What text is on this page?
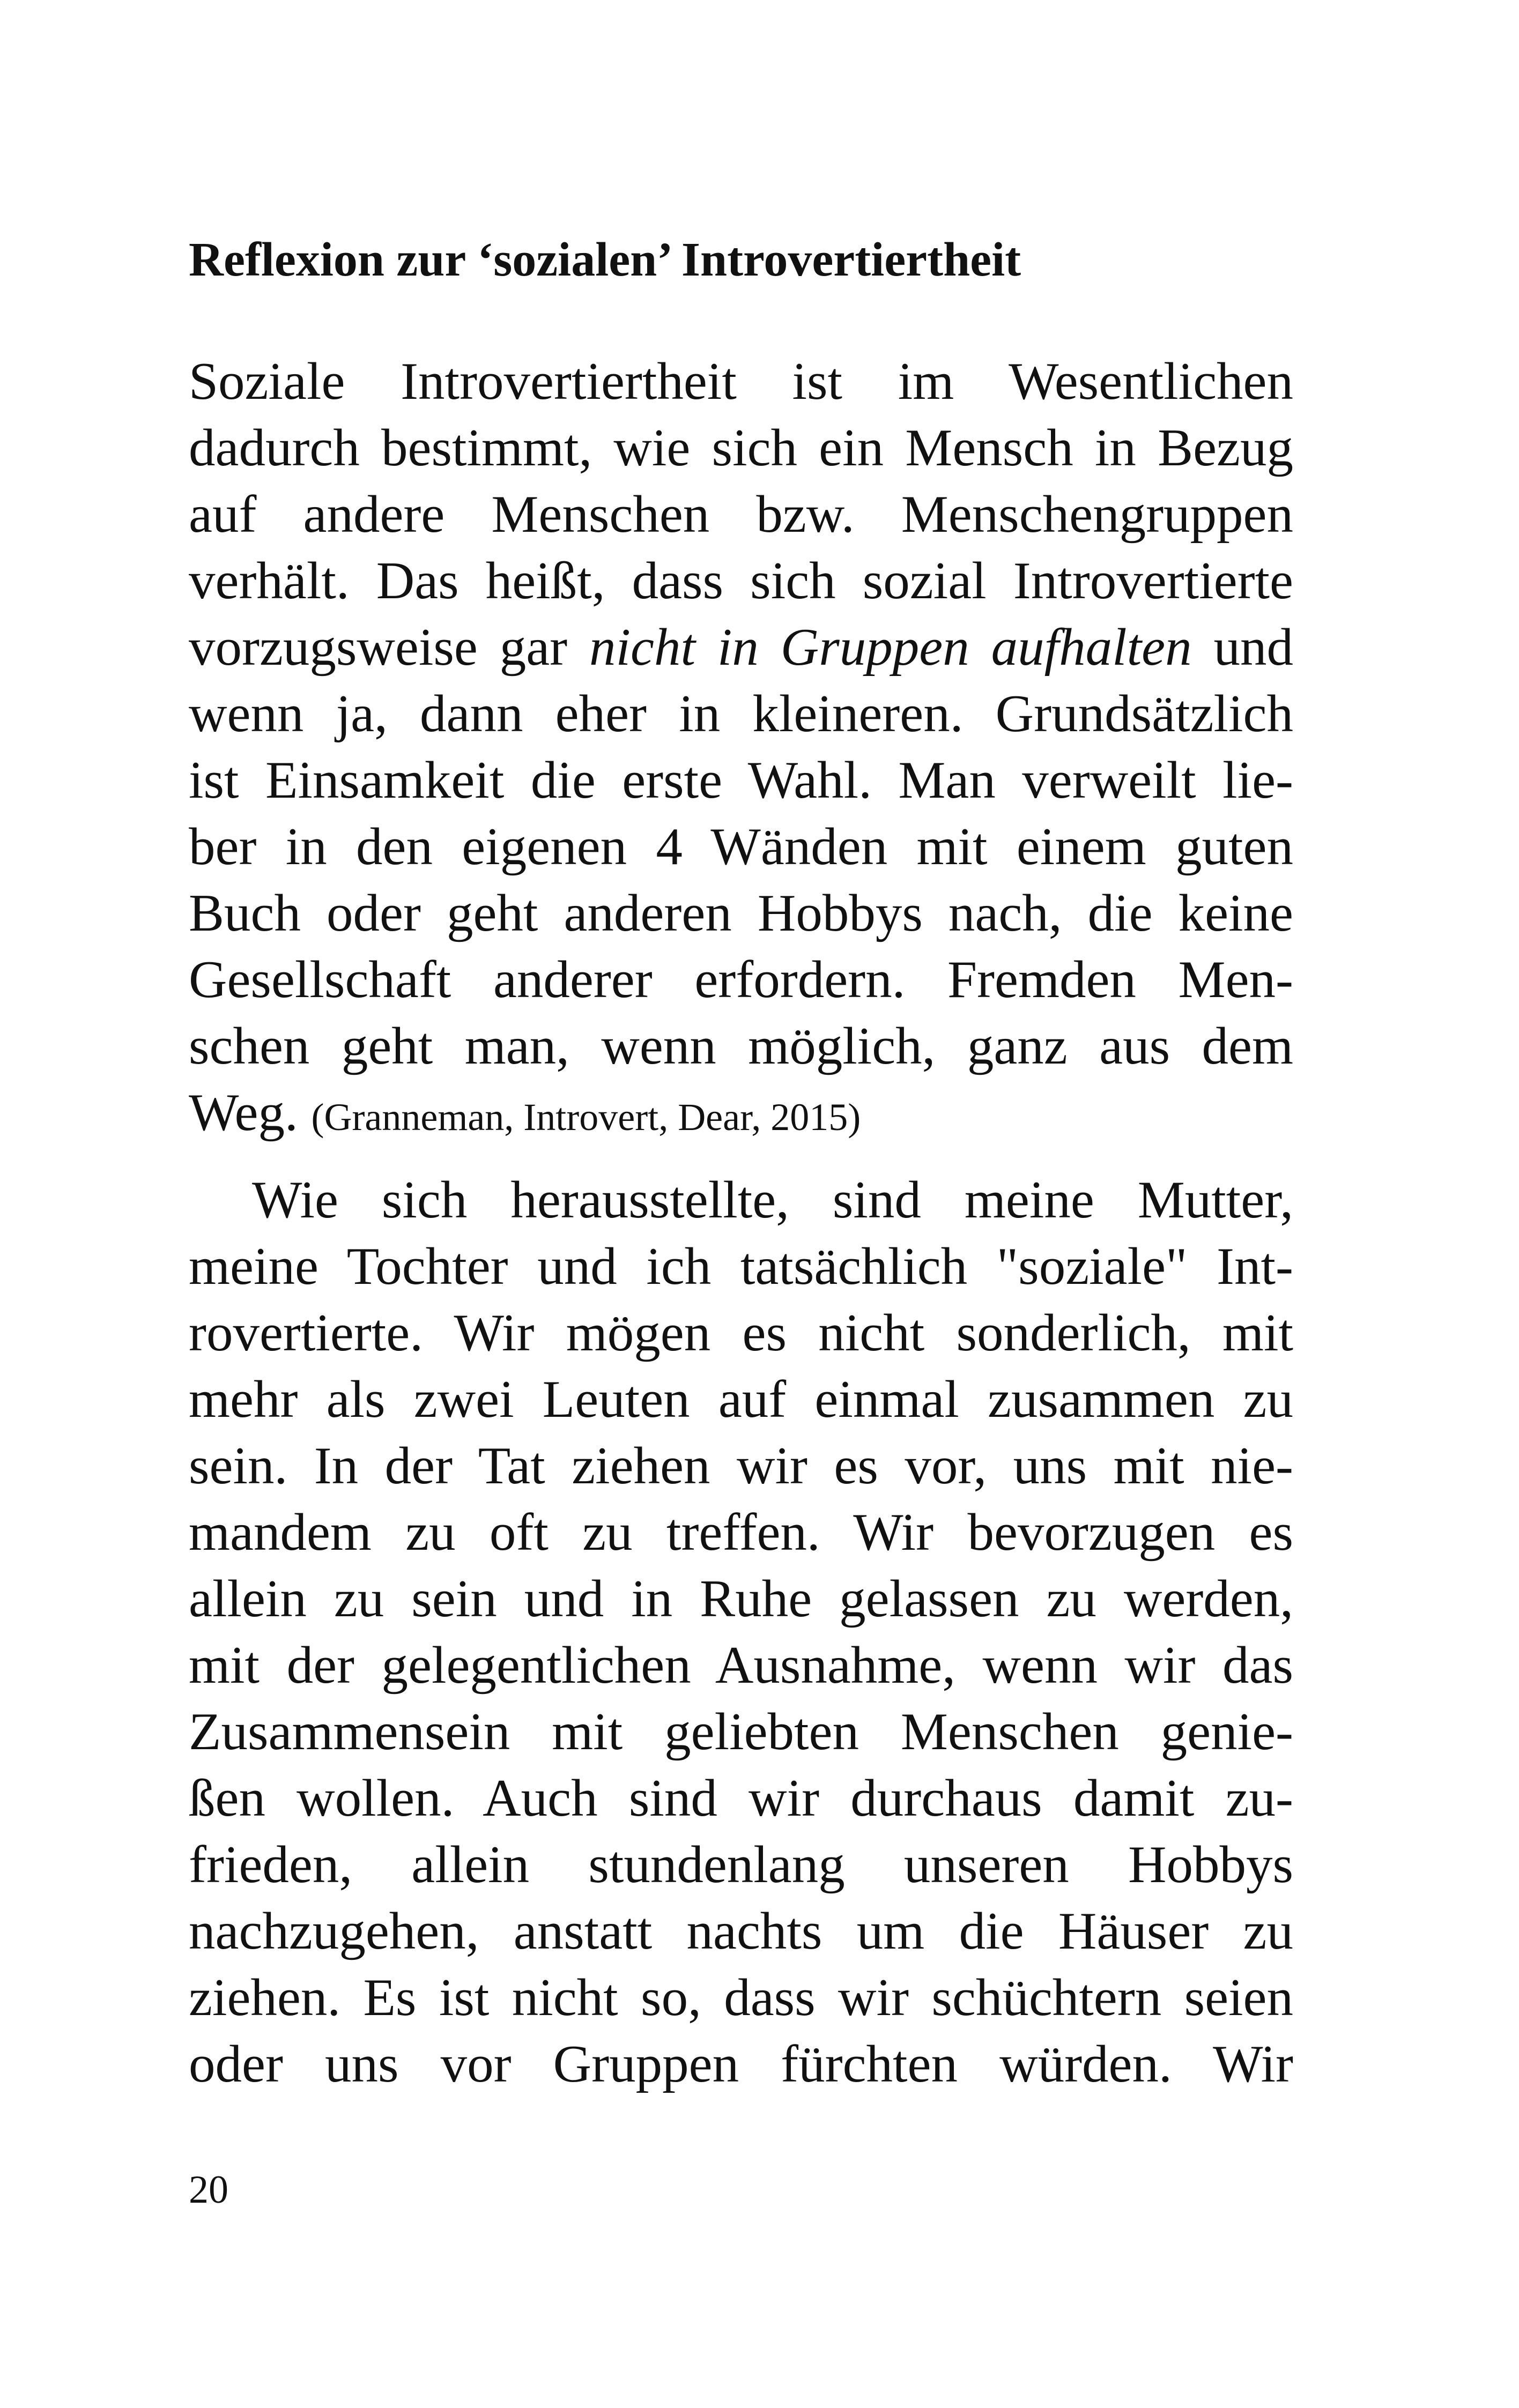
Reflexion zur ‘sozialen’ Introvertiertheit

Soziale Introvertiertheit ist im Wesentlichen

dadurch bestimmt, wie sich ein Mensch in Bezug

auf andere Menschen bzw. Menschengruppen

verhält. Das heißt, dass sich sozial Introvertierte

vorzugsweise gar nicht in Gruppen aufhalten und

wenn ja, dann eher in kleineren. Grundsätzlich

ist Einsamkeit die erste Wahl. Man verweilt lie-

ber in den eigenen 4 Wänden mit einem guten

Buch oder geht anderen Hobbys nach, die keine

Gesellschaft anderer erfordern. Fremden Men-

schen geht man, wenn möglich, ganz aus dem

Weg. (Granneman, Introvert, Dear, 2015)

Wie sich herausstellte, sind meine Mutter,

meine Tochter und ich tatsächlich "soziale" Int-

rovertierte. Wir mögen es nicht sonderlich, mit

mehr als zwei Leuten auf einmal zusammen zu

sein. In der Tat ziehen wir es vor, uns mit nie-

mandem zu oft zu treffen. Wir bevorzugen es

allein zu sein und in Ruhe gelassen zu werden,

mit der gelegentlichen Ausnahme, wenn wir das

Zusammensein mit geliebten Menschen genie-

ßen wollen. Auch sind wir durchaus damit zu-

frieden, allein stundenlang unseren Hobbys

nachzugehen, anstatt nachts um die Häuser zu

ziehen. Es ist nicht so, dass wir schüchtern seien

oder uns vor Gruppen fürchten würden. Wir

20
